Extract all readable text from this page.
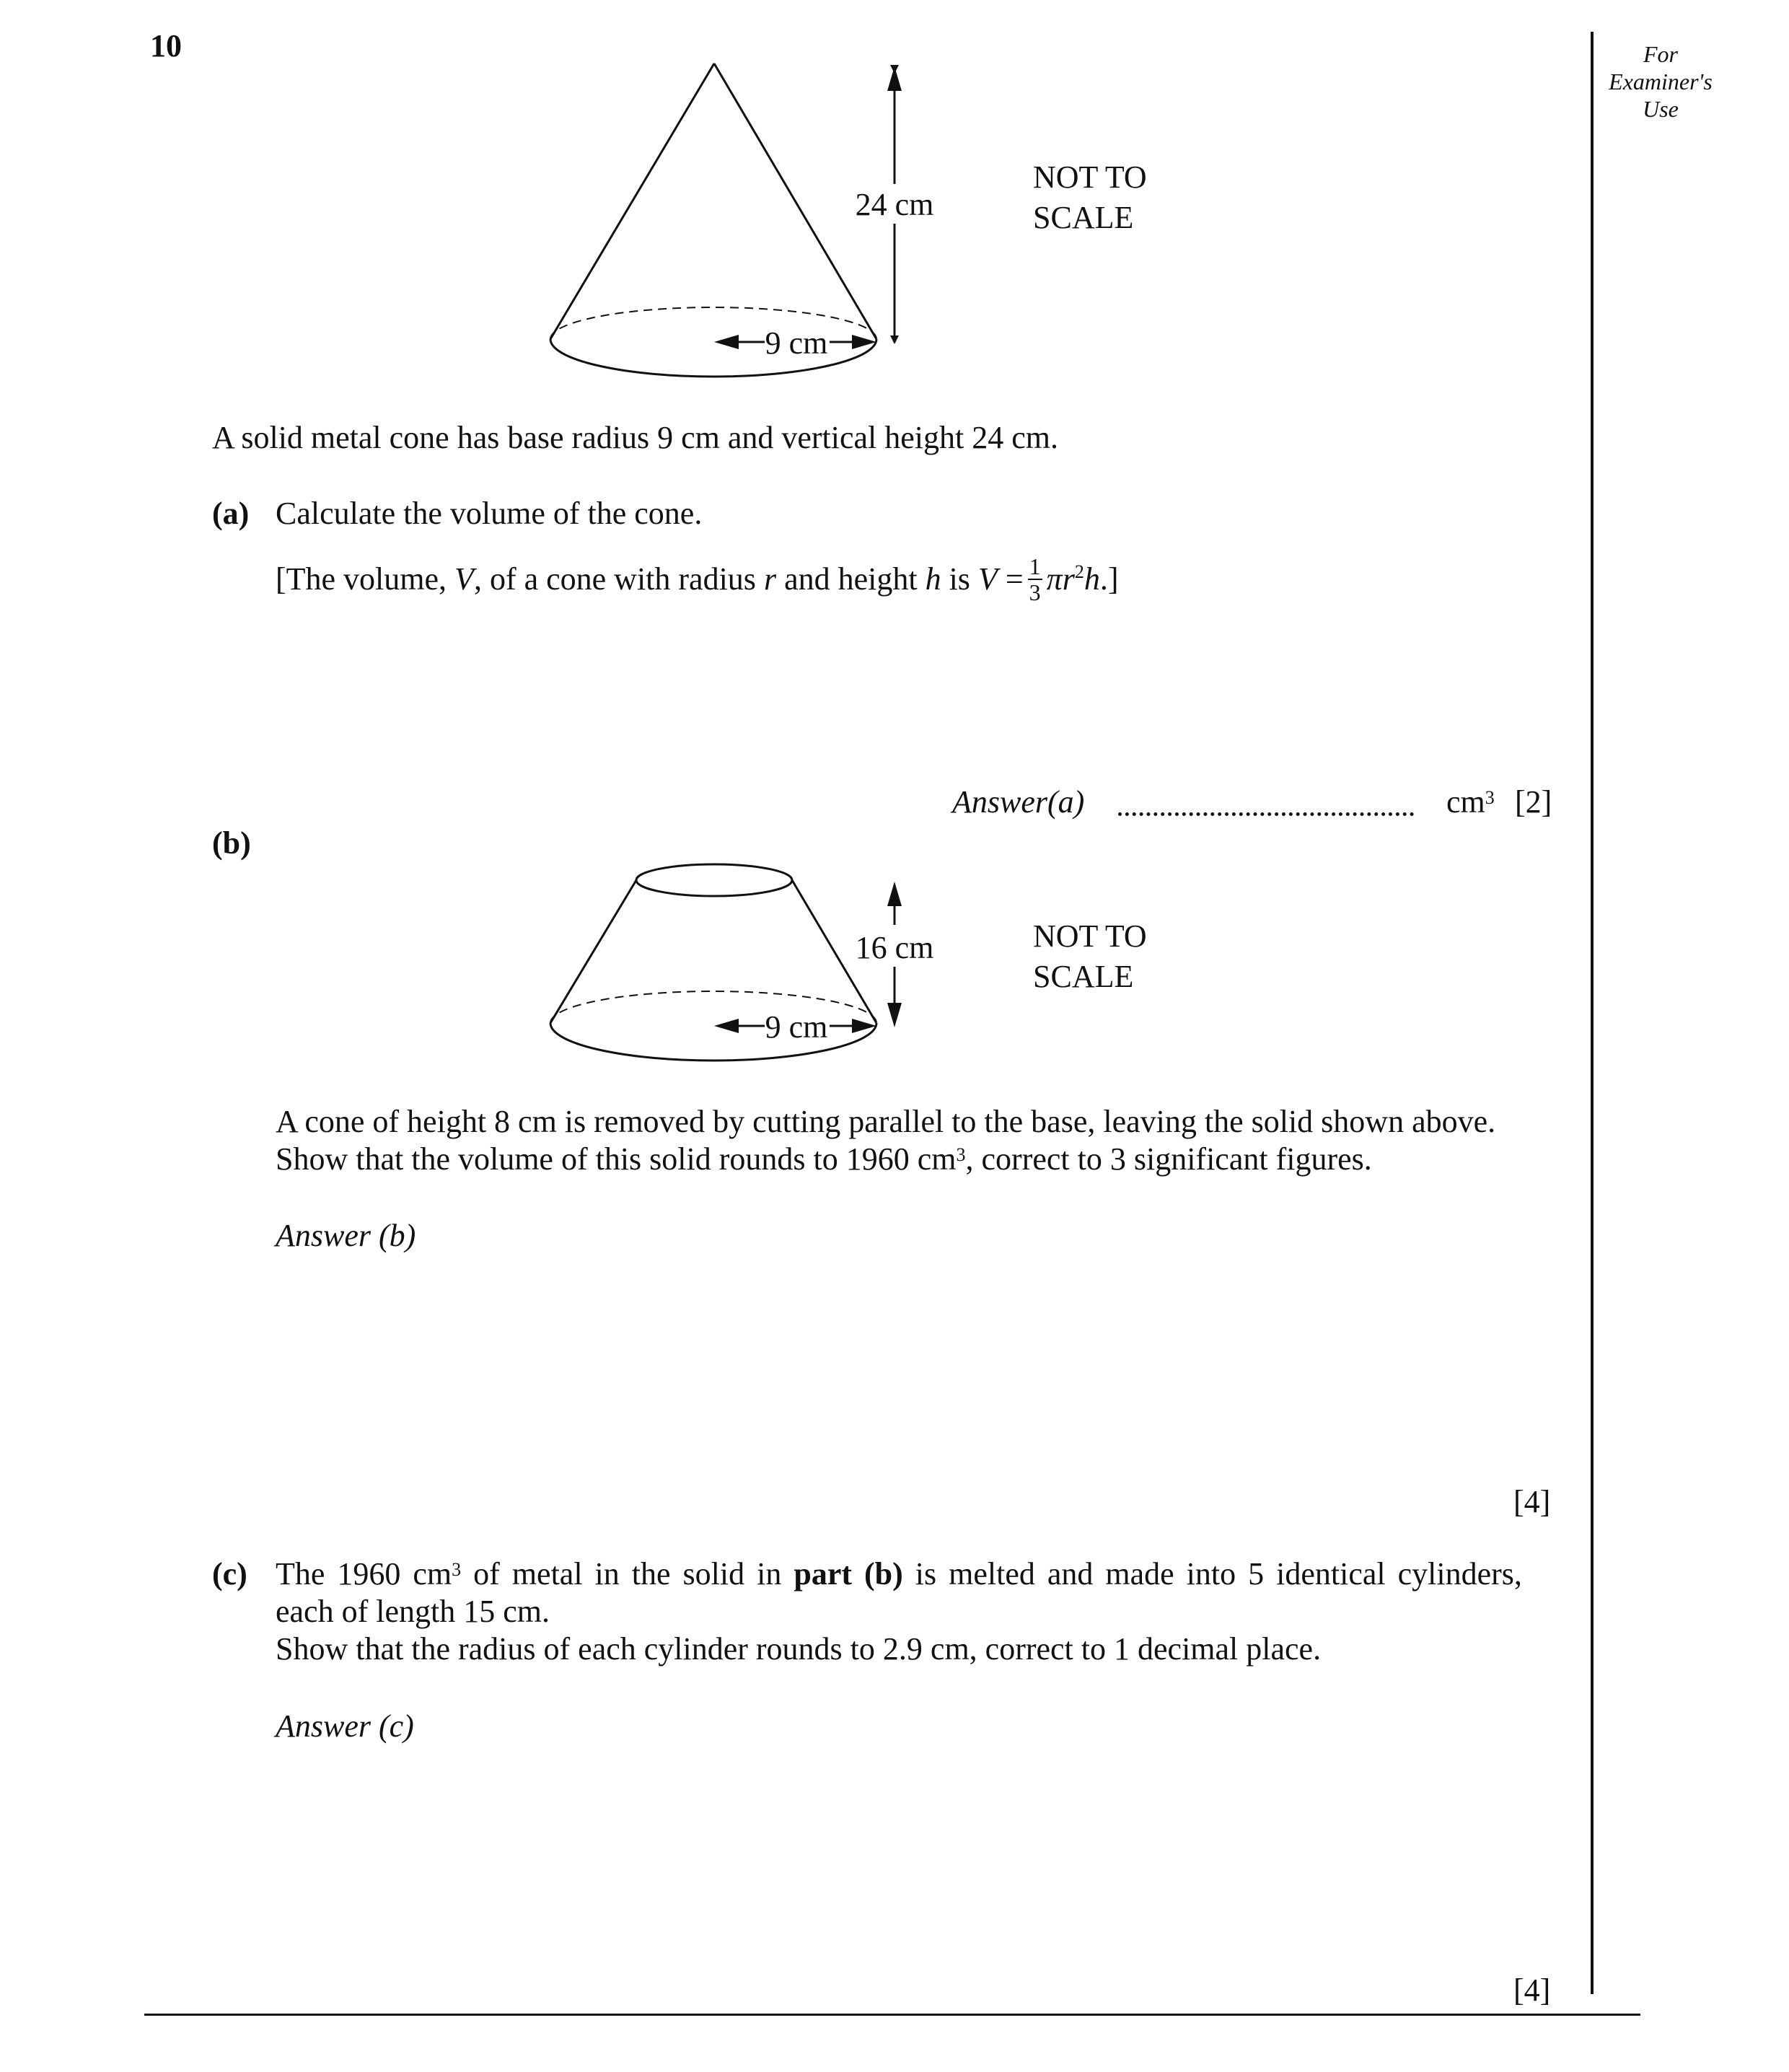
10	For Examiner's Use
24 cm
9 cm
NOT TO
SCALE
A solid metal cone has base radius 9 cm and vertical height 24 cm.
(a) Calculate the volume of the cone.
[The volume, V, of a cone with radius r and height h is $V = \frac{1}{3} \pi r^2h$.]
Answer(a)	$cm^3$ [2]
(b)
16 cm
9 cm
NOT TO
SCALE
A cone of height 8 cm is removed by cutting parallel to the base, leaving the solid shown above.
Show that the volume of this solid rounds to 1960 $cm^3$, correct to 3 significant figures.
Answer (b)
[4]
(c) The 1960 $cm^3$ of metal in the solid in part (b) is melted and made into 5 identical cylinders,
each of length 15 cm.
Show that the radius of each cylinder rounds to 2.9 cm, correct to 1 decimal place.
Answer (c)
[4]
